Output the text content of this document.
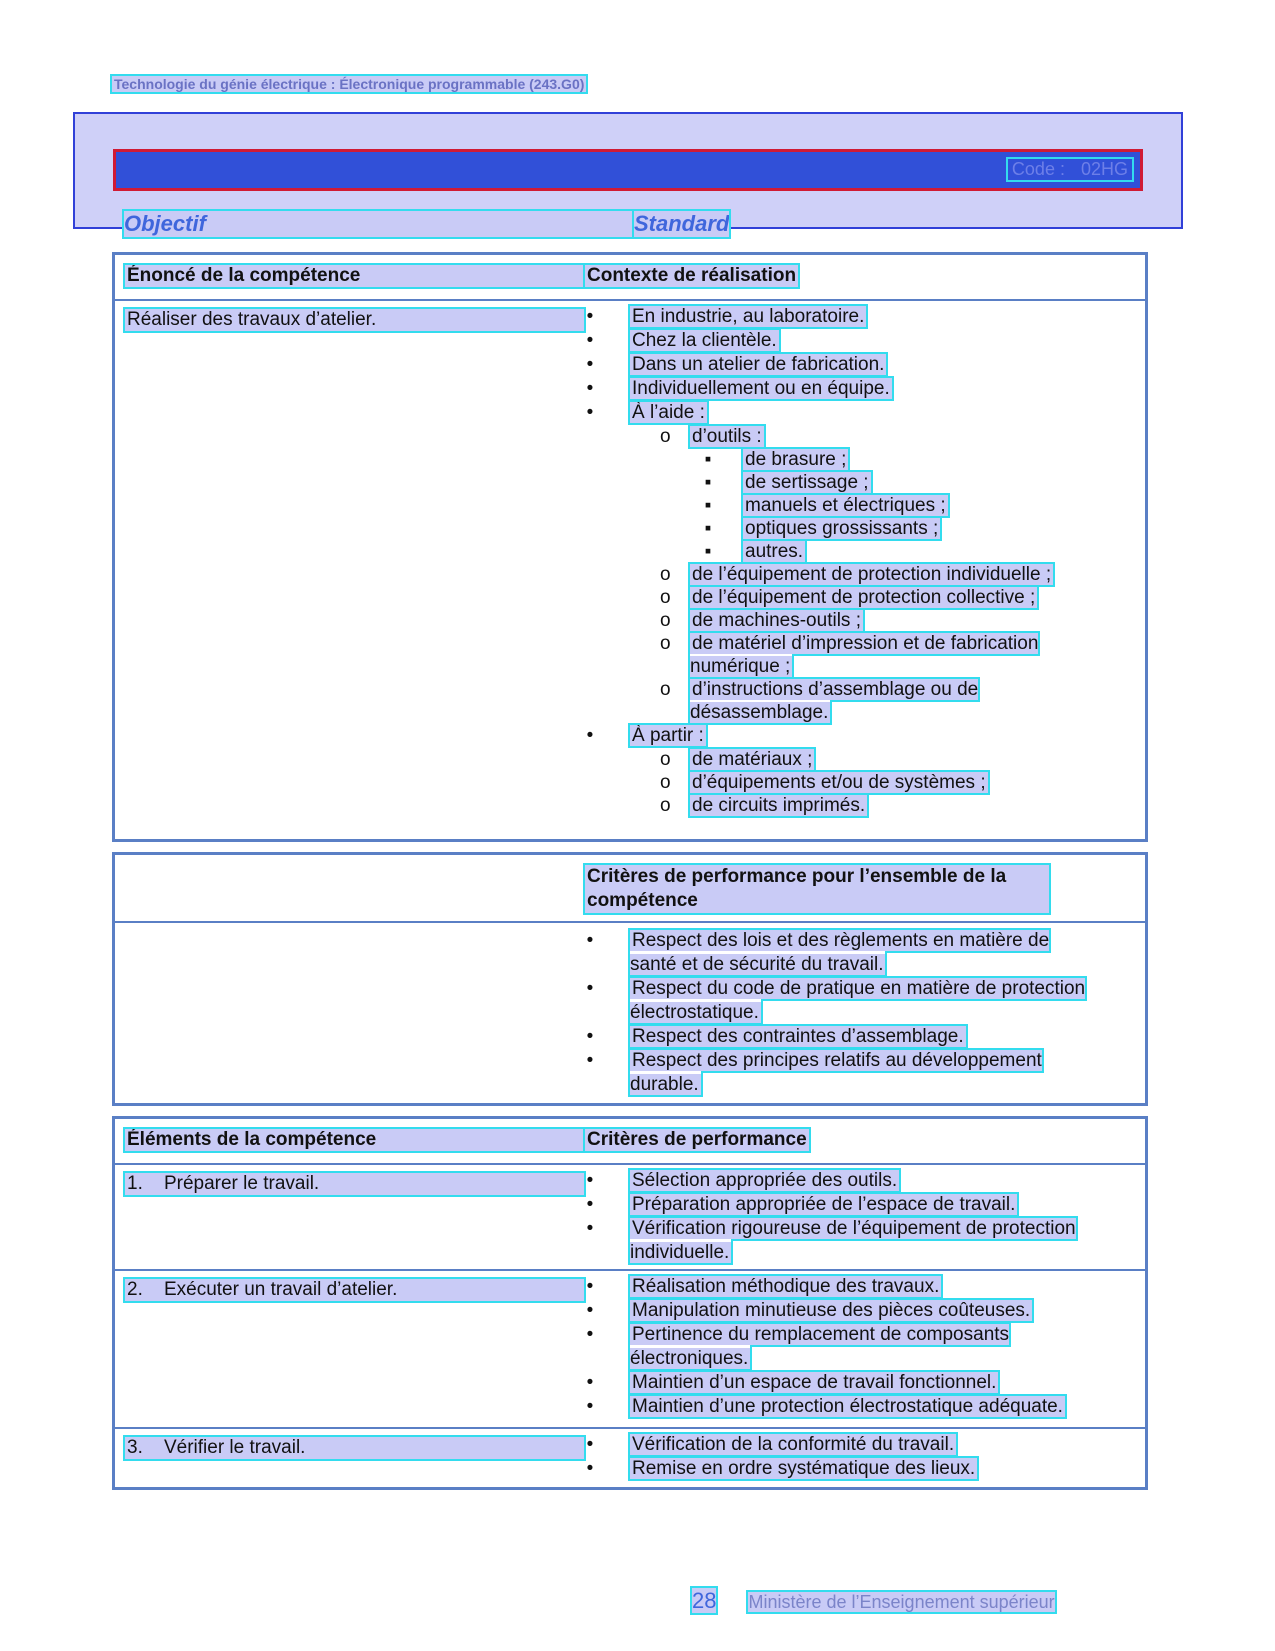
Technologie du génie électrique : Électronique programmable (243.G0)
Code : 02HG
Objectif	Standard
Énoncé de la compétence	Contexte de réalisation
Réaliser des travaux d’atelier.	• En industrie, au laboratoire.
• Chez la clientèle.
• Dans un atelier de fabrication.
• Individuellement ou en équipe.
• À l’aide :
o d’outils :
▪ de brasure ;
▪ de sertissage ;
▪ manuels et électriques ;
▪ optiques grossissants ;
▪ autres.
o de l’équipement de protection individuelle ;
o de l’équipement de protection collective ;
o de machines-outils ;
o de matériel d’impression et de fabrication numérique ;
o d’instructions d’assemblage ou de désassemblage.
• À partir :
o de matériaux ;
o d’équipements et/ou de systèmes ;
o de circuits imprimés.
Critères de performance pour l’ensemble de la compétence
• Respect des lois et des règlements en matière de santé et de sécurité du travail.
• Respect du code de pratique en matière de protection électrostatique.
• Respect des contraintes d’assemblage.
• Respect des principes relatifs au développement durable.
Éléments de la compétence	Critères de performance
1.    Préparer le travail.	• Sélection appropriée des outils.
• Préparation appropriée de l’espace de travail.
• Vérification rigoureuse de l’équipement de protection individuelle.
2.    Exécuter un travail d’atelier.	• Réalisation méthodique des travaux.
• Manipulation minutieuse des pièces coûteuses.
• Pertinence du remplacement de composants électroniques.
• Maintien d’un espace de travail fonctionnel.
• Maintien d’une protection électrostatique adéquate.
3.    Vérifier le travail.	• Vérification de la conformité du travail.
• Remise en ordre systématique des lieux.
28 Ministère de l’Enseignement supérieur
